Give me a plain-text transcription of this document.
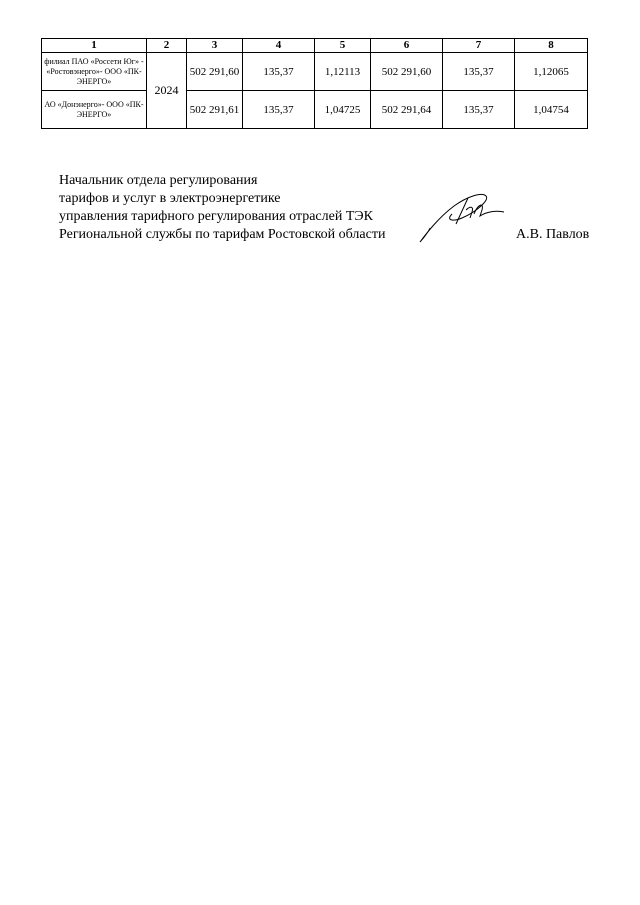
1	2	3	4	5	6	7	8
филиал ПАО «Россети Юг» - «Ростовэнерго»- ООО «ПК-ЭНЕРГО»	2024	502 291,60	135,37	1,12113	502 291,60	135,37	1,12065
АО «Донэнерго»- ООО «ПК-ЭНЕРГО»		502 291,61	135,37	1,04725	502 291,64	135,37	1,04754
Начальник отдела регулирования
тарифов и услуг в электроэнергетике
управления тарифного регулирования отраслей ТЭК
Региональной службы по тарифам Ростовской области	А.В. Павлов
